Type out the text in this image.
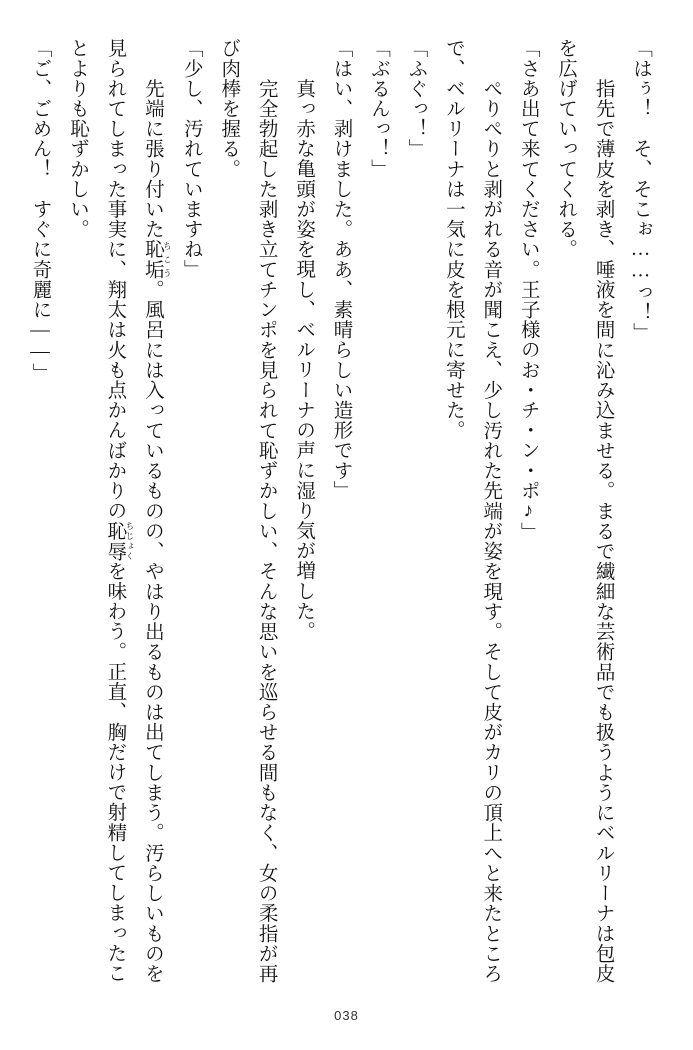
「はぅ！　そ、そこぉ……っ！」

　指先で薄皮を剥き、唾液を間に沁み込ませる。まるで繊細な芸術品でも扱うようにベルリーナは包皮を広げていってくれる。

「さあ出て来てください。王子様のお・チ・ン・ポ♪」

　ぺりぺりと剥がれる音が聞こえ、少し汚れた先端が姿を現す。そして皮がカリの頂上へと来たところで、ベルリーナは一気に皮を根元に寄せた。

「ふぐっ！」

「ぶるんっ！」

「はい、剥けました。ああ、素晴らしい造形です」

　真っ赤な亀頭が姿を現し、ベルリーナの声に湿り気が増した。

　完全勃起した剥き立てチンポを見られて恥ずかしい、そんな思いを巡らせる間もなく、女の柔指が再び肉棒を握る。

「少し、汚れていますね」

　先端に張り付いた恥垢 ちこう。風呂には入っているものの、やはり出るものは出てしまう。汚らしいものを見られてしまった事実に、翔太は火も点かんばかりの恥辱 ちじょくを味わう。正直、胸だけで射精してしまったことよりも恥ずかしい。

「ご、ごめん！　すぐに奇麗に――」

038
